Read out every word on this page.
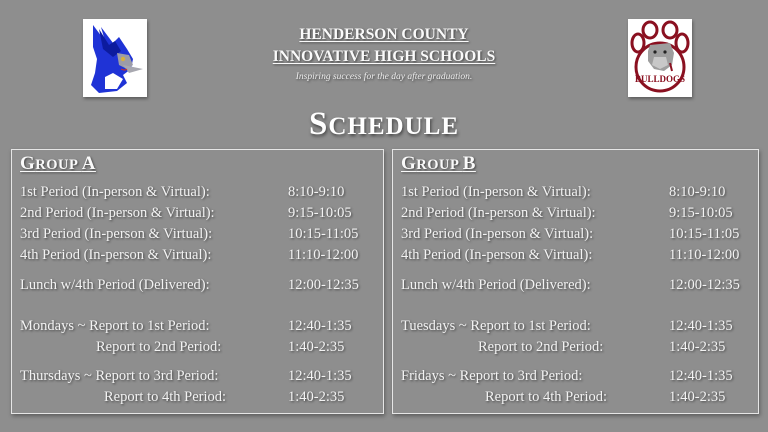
HENDERSON COUNTY
INNOVATIVE HIGH SCHOOLS
Inspiring success for the day after graduation.	BULLDOGS
SCHEDULE
GROUP A
1st Period (In-person & Virtual):	8:10-9:10
2nd Period (In-person & Virtual):	9:15-10:05
3rd Period (In-person & Virtual):	10:15-11:05
4th Period (In-person & Virtual):	11:10-12:00
Lunch w/4th Period (Delivered):	12:00-12:35
Mondays ~ Report to 1st Period:	12:40-1:35
Report to 2nd Period:	1:40-2:35
Thursdays ~ Report to 3rd Period:	12:40-1:35
Report to 4th Period:	1:40-2:35
GROUP B
1st Period (In-person & Virtual):	8:10-9:10
2nd Period (In-person & Virtual):	9:15-10:05
3rd Period (In-person & Virtual):	10:15-11:05
4th Period (In-person & Virtual):	11:10-12:00
Lunch w/4th Period (Delivered):	12:00-12:35
Tuesdays ~ Report to 1st Period:	12:40-1:35
Report to 2nd Period:	1:40-2:35
Fridays ~ Report to 3rd Period:	12:40-1:35
Report to 4th Period:	1:40-2:35
